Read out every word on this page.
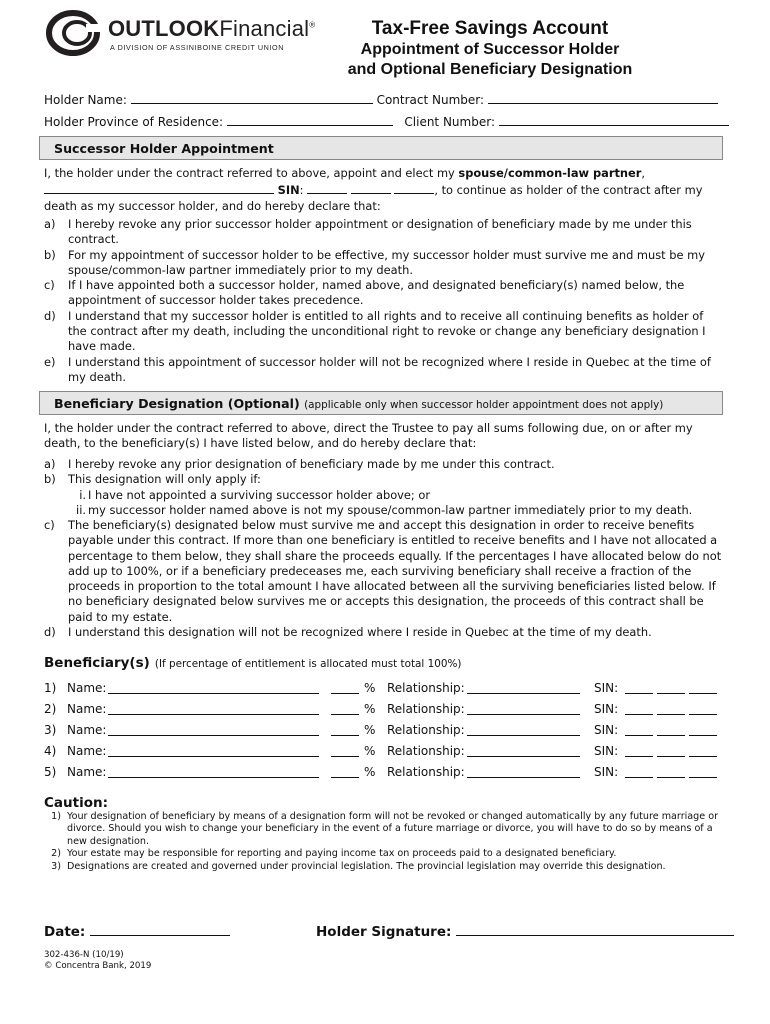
OUTLOOKFinancial®
A DIVISION OF ASSINIBOINE CREDIT UNION
Tax-Free Savings Account
Appointment of Successor Holder
and Optional Beneficiary Designation
Holder Name:	Contract Number:
Holder Province of Residence:	Client Number:
Successor Holder Appointment
I, the holder under the contract referred to above, appoint and elect my spouse/common-law partner,
SIN:	, to continue as holder of the contract after my
death as my successor holder, and do hereby declare that:
a) I hereby revoke any prior successor holder appointment or designation of beneficiary made by me under this contract.
b) For my appointment of successor holder to be effective, my successor holder must survive me and must be my spouse/common-law partner immediately prior to my death.
c) If I have appointed both a successor holder, named above, and designated beneficiary(s) named below, the appointment of successor holder takes precedence.
d) I understand that my successor holder is entitled to all rights and to receive all continuing benefits as holder of the contract after my death, including the unconditional right to revoke or change any beneficiary designation I have made.
e) I understand this appointment of successor holder will not be recognized where I reside in Quebec at the time of my death.
Beneficiary Designation (Optional) (applicable only when successor holder appointment does not apply)
I, the holder under the contract referred to above, direct the Trustee to pay all sums following due, on or after my death, to the beneficiary(s) I have listed below, and do hereby declare that:
a) I hereby revoke any prior designation of beneficiary made by me under this contract.
b) This designation will only apply if:
i. I have not appointed a surviving successor holder above; or
ii. my successor holder named above is not my spouse/common-law partner immediately prior to my death.
c) The beneficiary(s) designated below must survive me and accept this designation in order to receive benefits payable under this contract. If more than one beneficiary is entitled to receive benefits and I have not allocated a percentage to them below, they shall share the proceeds equally. If the percentages I have allocated below do not add up to 100%, or if a beneficiary predeceases me, each surviving beneficiary shall receive a fraction of the proceeds in proportion to the total amount I have allocated between all the surviving beneficiaries listed below. If no beneficiary designated below survives me or accepts this designation, the proceeds of this contract shall be paid to my estate.
d) I understand this designation will not be recognized where I reside in Quebec at the time of my death.
Beneficiary(s) (If percentage of entitlement is allocated must total 100%)
1) Name:	% Relationship:	SIN:
2) Name:	% Relationship:	SIN:
3) Name:	% Relationship:	SIN:
4) Name:	% Relationship:	SIN:
5) Name:	% Relationship:	SIN:
Caution:
1) Your designation of beneficiary by means of a designation form will not be revoked or changed automatically by any future marriage or divorce. Should you wish to change your beneficiary in the event of a future marriage or divorce, you will have to do so by means of a new designation.
2) Your estate may be responsible for reporting and paying income tax on proceeds paid to a designated beneficiary.
3) Designations are created and governed under provincial legislation. The provincial legislation may override this designation.
Date:	Holder Signature:
302-436-N (10/19)
© Concentra Bank, 2019
